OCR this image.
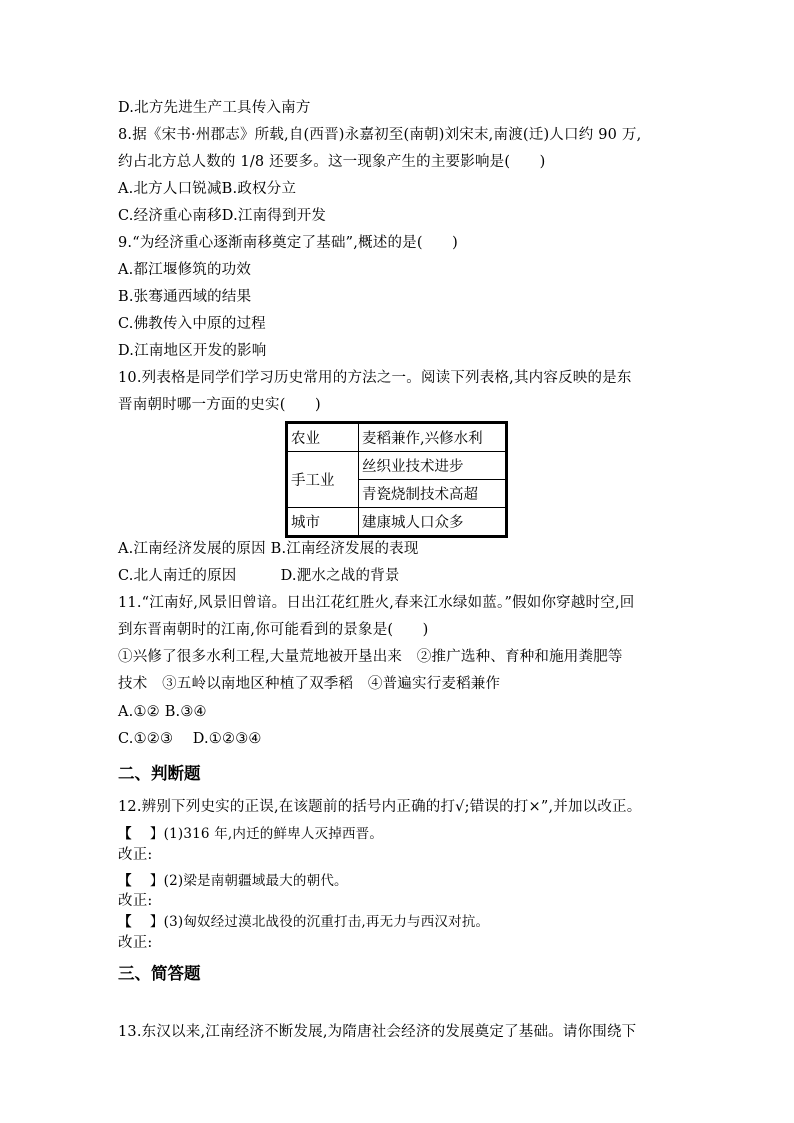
D.北方先进生产工具传入南方
8.据《宋书·州郡志》所载,自(西晋)永嘉初至(南朝)刘宋末,南渡(迁)人口约 90 万,
约占北方总人数的 1/8 还要多。这一现象产生的主要影响是(　　)
A.北方人口锐减B.政权分立
C.经济重心南移D.江南得到开发
9.“为经济重心逐渐南移奠定了基础”,概述的是(　　)
A.都江堰修筑的功效
B.张骞通西域的结果
C.佛教传入中原的过程
D.江南地区开发的影响
10.列表格是同学们学习历史常用的方法之一。阅读下列表格,其内容反映的是东
晋南朝时哪一方面的史实(　　)
农业	麦稻兼作,兴修水利
手工业	丝织业技术进步
	青瓷烧制技术高超
城市	建康城人口众多
A.江南经济发展的原因 B.江南经济发展的表现
C.北人南迁的原因　　　D.淝水之战的背景
11.“江南好,风景旧曾谙。日出江花红胜火,春来江水绿如蓝。”假如你穿越时空,回
到东晋南朝时的江南,你可能看到的景象是(　　)
①兴修了很多水利工程,大量荒地被开垦出来　②推广选种、育种和施用粪肥等
技术　③五岭以南地区种植了双季稻　④普遍实行麦稻兼作
A.①② B.③④
C.①②③　 D.①②③④
二、判断题
12.辨别下列史实的正误,在该题前的括号内正确的打√;错误的打×”,并加以改正。
【　 】(1)316 年,内迁的鲜卑人灭掉西晋。
改正:
【　 】(2)梁是南朝疆域最大的朝代。
改正:
【　 】(3)匈奴经过漠北战役的沉重打击,再无力与西汉对抗。
改正:
三、简答题
13.东汉以来,江南经济不断发展,为隋唐社会经济的发展奠定了基础。请你围绕下
